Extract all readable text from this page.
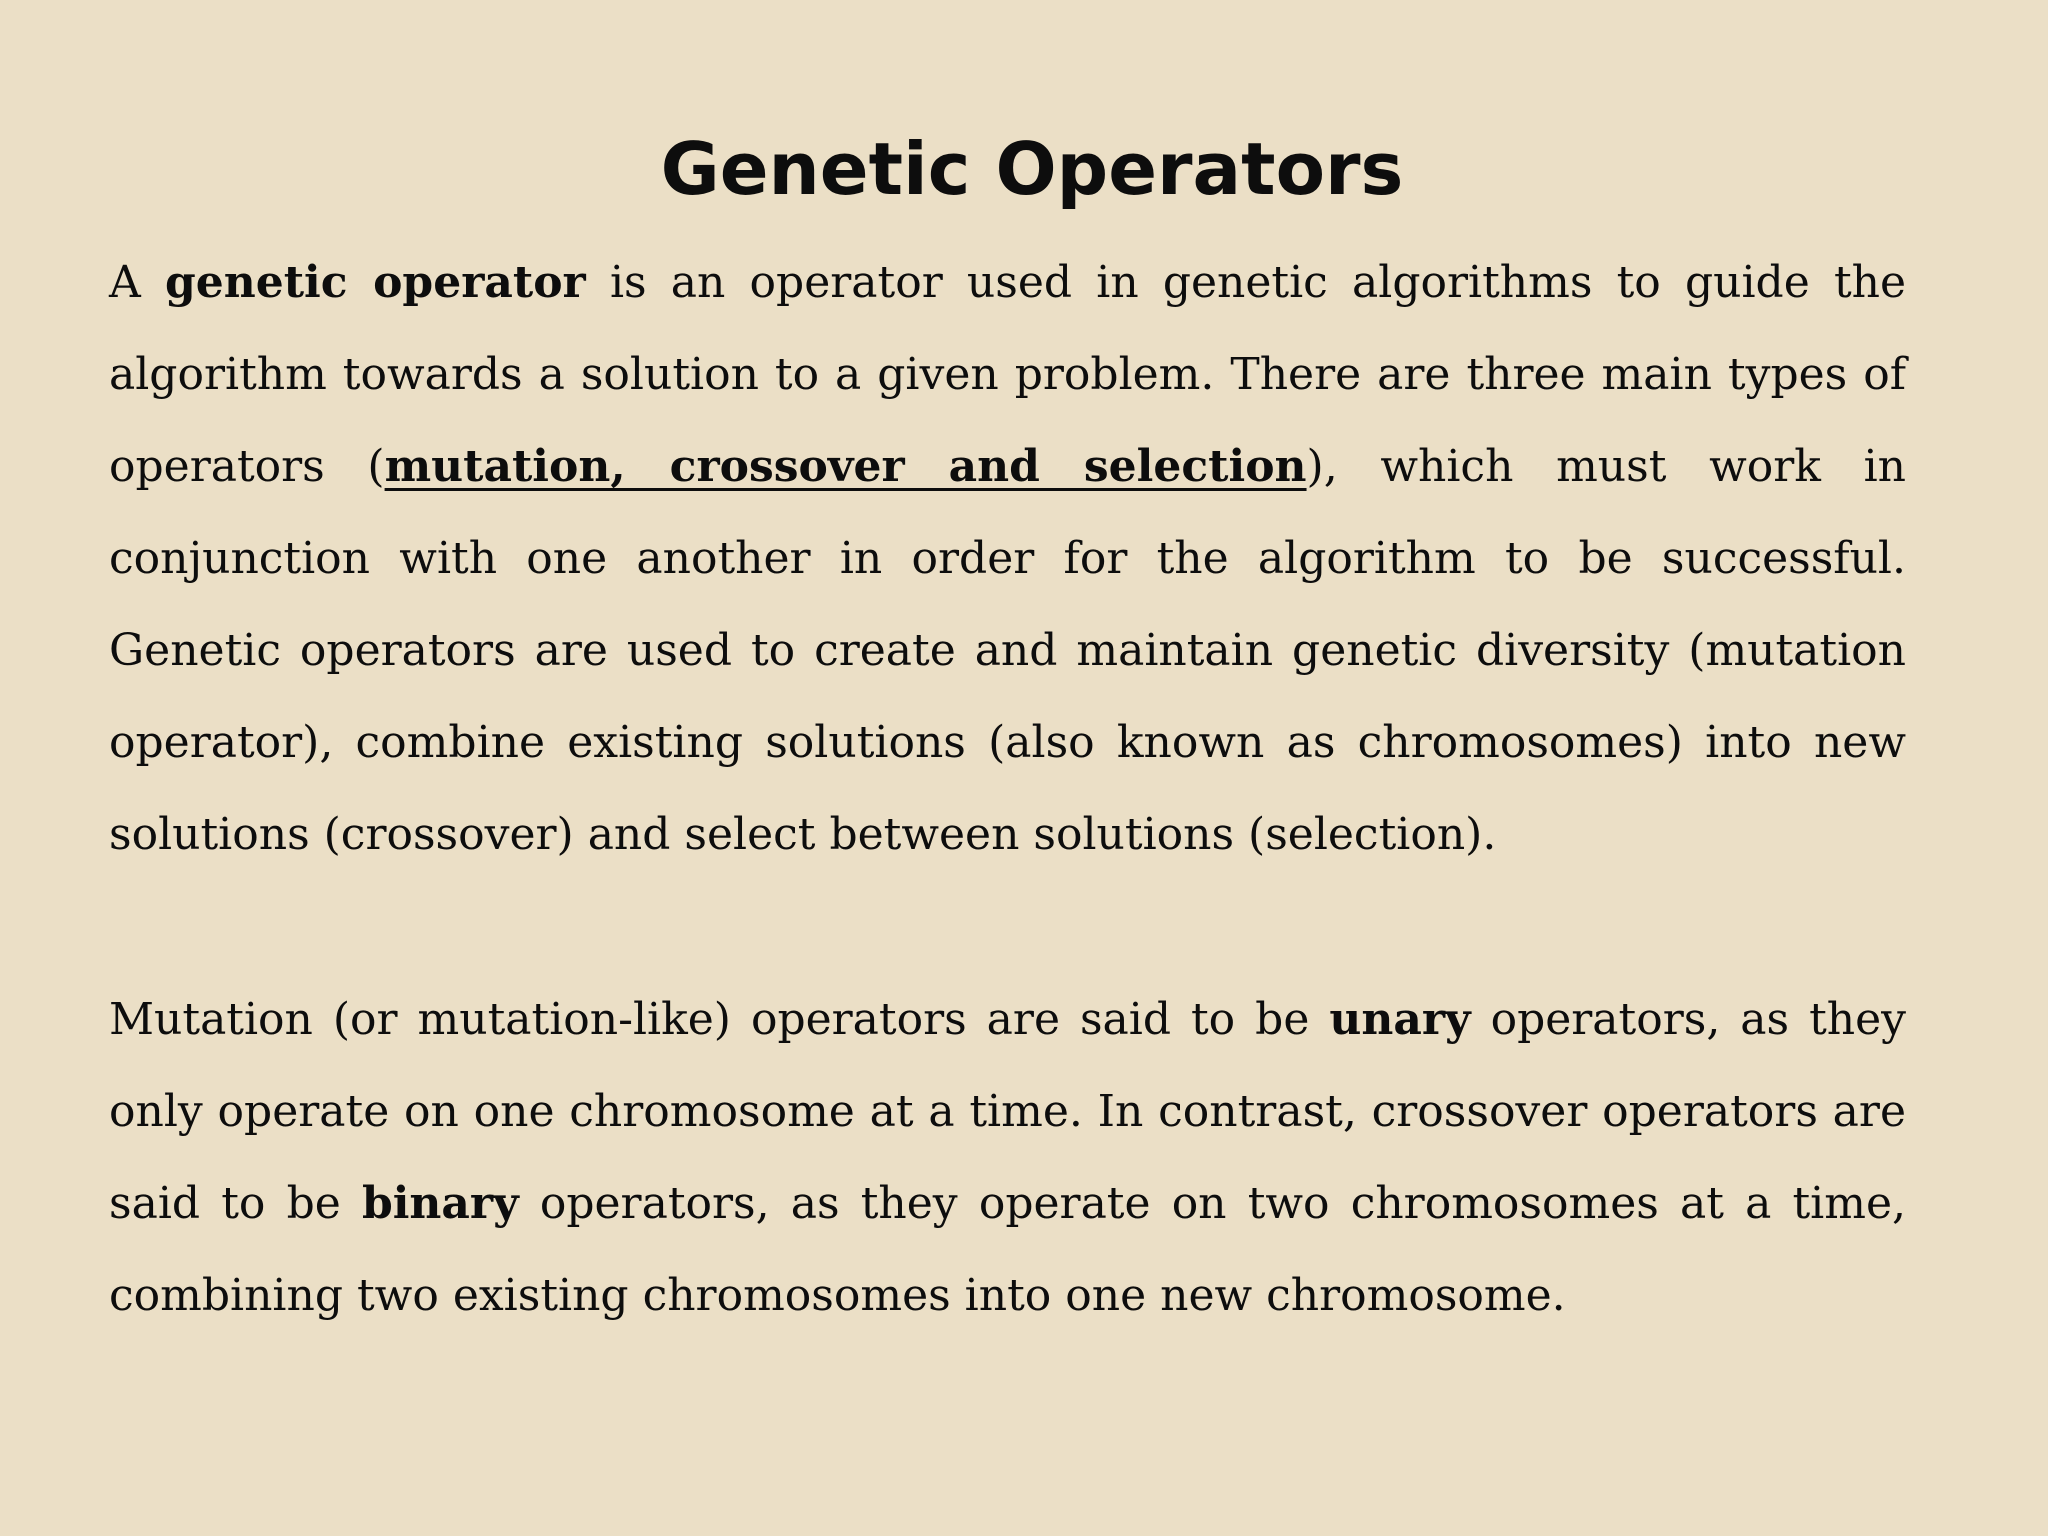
Genetic Operators

A genetic operator is an operator used in genetic algorithms to guide the algorithm towards a solution to a given problem. There are three main types of operators (mutation, crossover and selection), which must work in conjunction with one another in order for the algorithm to be successful. Genetic operators are used to create and maintain genetic diversity (mutation operator), combine existing solutions (also known as chromosomes) into new solutions (crossover) and select between solutions (selection).

Mutation (or mutation-like) operators are said to be unary operators, as they only operate on one chromosome at a time. In contrast, crossover operators are said to be binary operators, as they operate on two chromosomes at a time, combining two existing chromosomes into one new chromosome.
